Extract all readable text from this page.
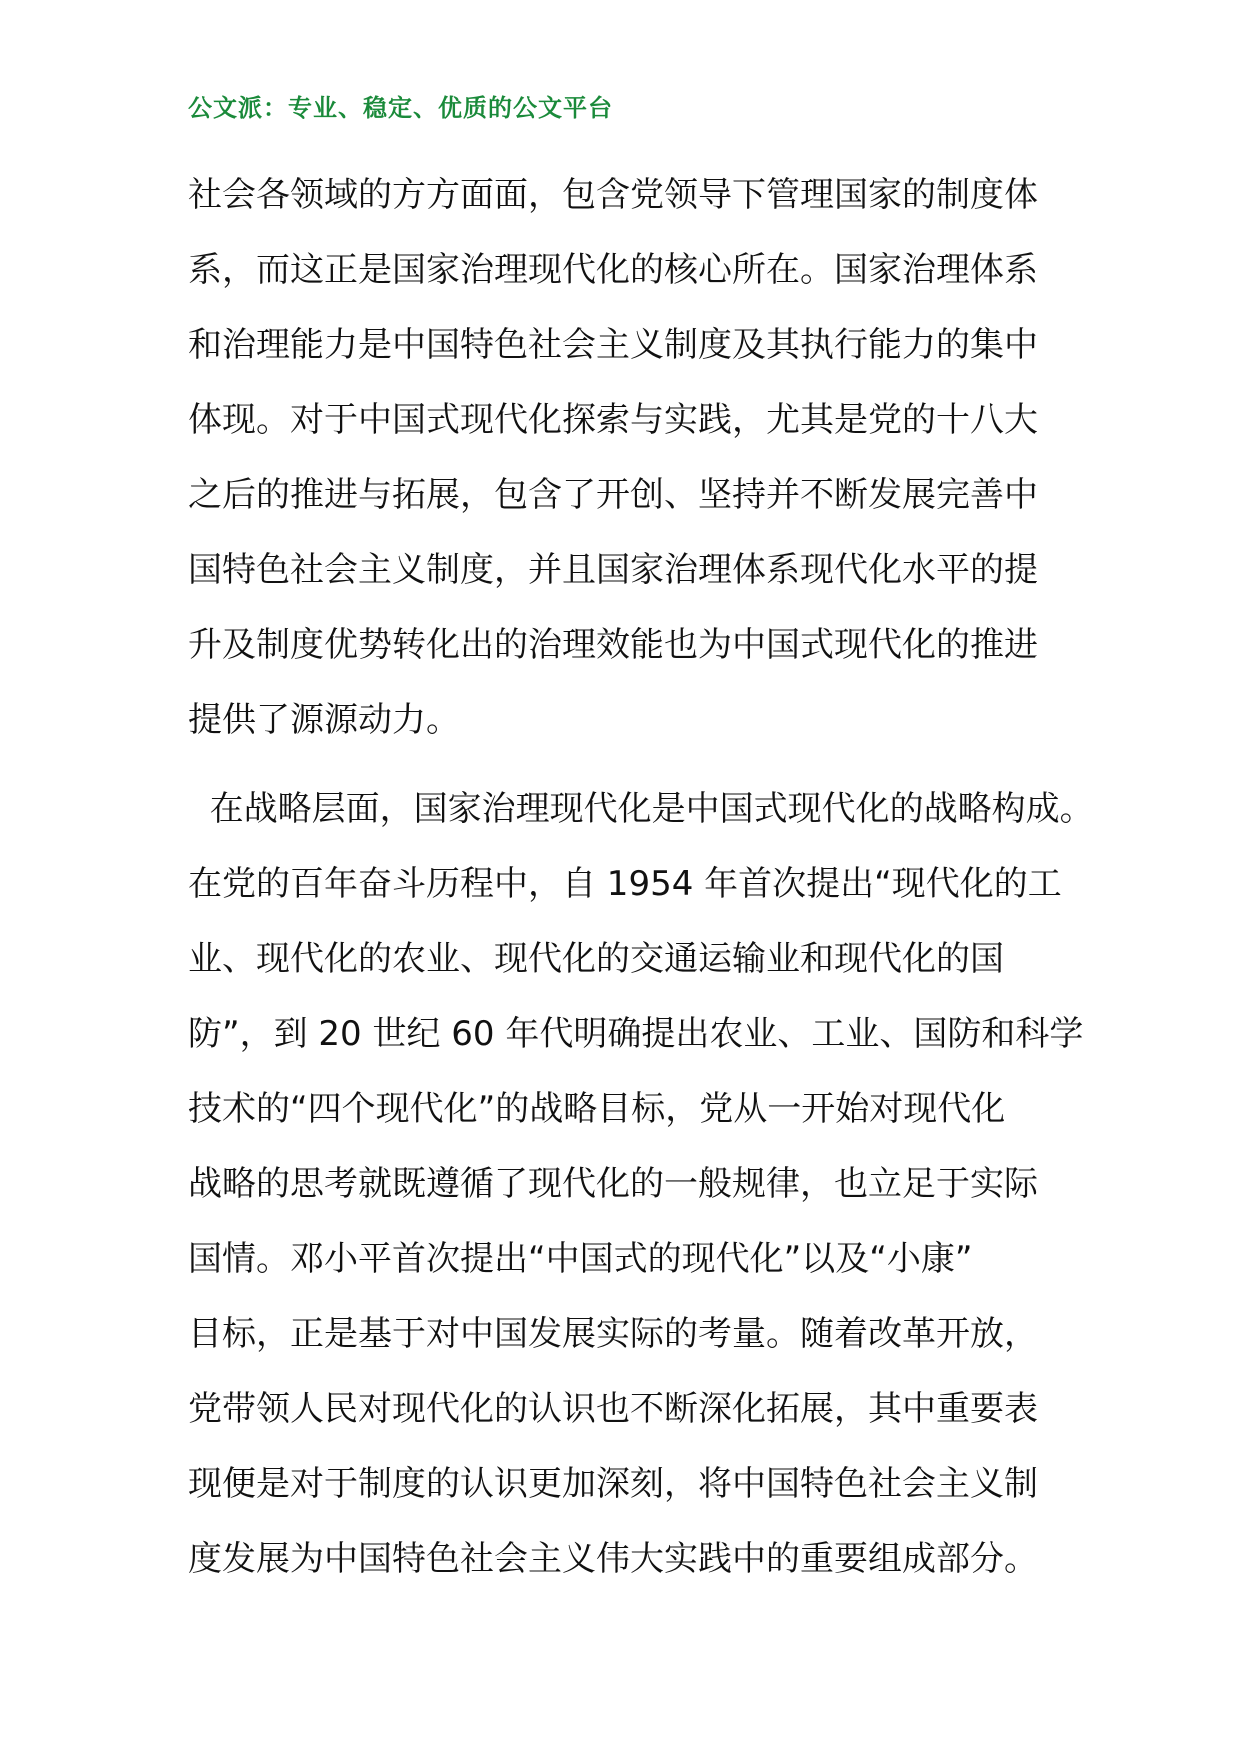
公文派：专业、稳定、优质的公文平台
社会各领域的方方面面，包含党领导下管理国家的制度体
系，而这正是国家治理现代化的核心所在。国家治理体系
和治理能力是中国特色社会主义制度及其执行能力的集中
体现。对于中国式现代化探索与实践，尤其是党的十八大
之后的推进与拓展，包含了开创、坚持并不断发展完善中
国特色社会主义制度，并且国家治理体系现代化水平的提
升及制度优势转化出的治理效能也为中国式现代化的推进
提供了源源动力。
在战略层面，国家治理现代化是中国式现代化的战略构成。
在党的百年奋斗历程中，自 1954 年首次提出“现代化的工
业、现代化的农业、现代化的交通运输业和现代化的国
防”，到 20 世纪 60 年代明确提出农业、工业、国防和科学
技术的“四个现代化”的战略目标，党从一开始对现代化
战略的思考就既遵循了现代化的一般规律，也立足于实际
国情。邓小平首次提出“中国式的现代化”以及“小康”
目标，正是基于对中国发展实际的考量。随着改革开放，
党带领人民对现代化的认识也不断深化拓展，其中重要表
现便是对于制度的认识更加深刻，将中国特色社会主义制
度发展为中国特色社会主义伟大实践中的重要组成部分。
